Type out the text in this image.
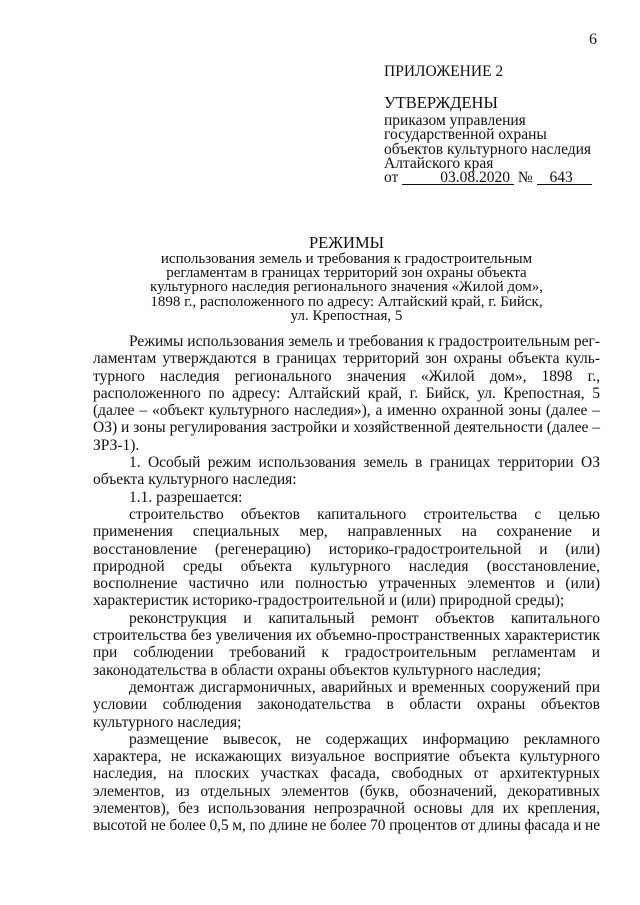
6
ПРИЛОЖЕНИЕ 2
УТВЕРЖДЕНЫ
приказом управления
государственной охраны
объектов культурного наследия
Алтайского края
от	03.08.2020 № 643
РЕЖИМЫ
использования земель и требования к градостроительным
регламентам в границах территорий зон охраны объекта
культурного наследия регионального значения «Жилой дом»,
1898 г., расположенного по адресу: Алтайский край, г. Бийск,
ул. Крепостная, 5
Режимы использования земель и требования к градостроительным рег-
ламентам утверждаются в границах территорий зон охраны объекта куль-
турного наследия регионального значения «Жилой дом», 1898 г.,
расположенного по адресу: Алтайский край, г. Бийск, ул. Крепостная, 5
(далее – «объект культурного наследия»), а именно охранной зоны (далее –
ОЗ) и зоны регулирования застройки и хозяйственной деятельности (далее –
ЗРЗ-1).
1. Особый режим использования земель в границах территории ОЗ
объекта культурного наследия:
1.1. разрешается:
строительство объектов капитального строительства с целью
применения специальных мер, направленных на сохранение и
восстановление (регенерацию) историко-градостроительной и (или)
природной среды объекта культурного наследия (восстановление,
восполнение частично или полностью утраченных элементов и (или)
характеристик историко-градостроительной и (или) природной среды);
реконструкция и капитальный ремонт объектов капитального
строительства без увеличения их объемно-пространственных характеристик
при соблюдении требований к градостроительным регламентам и
законодательства в области охраны объектов культурного наследия;
демонтаж дисгармоничных, аварийных и временных сооружений при
условии соблюдения законодательства в области охраны объектов
культурного наследия;
размещение вывесок, не содержащих информацию рекламного
характера, не искажающих визуальное восприятие объекта культурного
наследия, на плоских участках фасада, свободных от архитектурных
элементов, из отдельных элементов (букв, обозначений, декоративных
элементов), без использования непрозрачной основы для их крепления,
высотой не более 0,5 м, по длине не более 70 процентов от длины фасада и не
